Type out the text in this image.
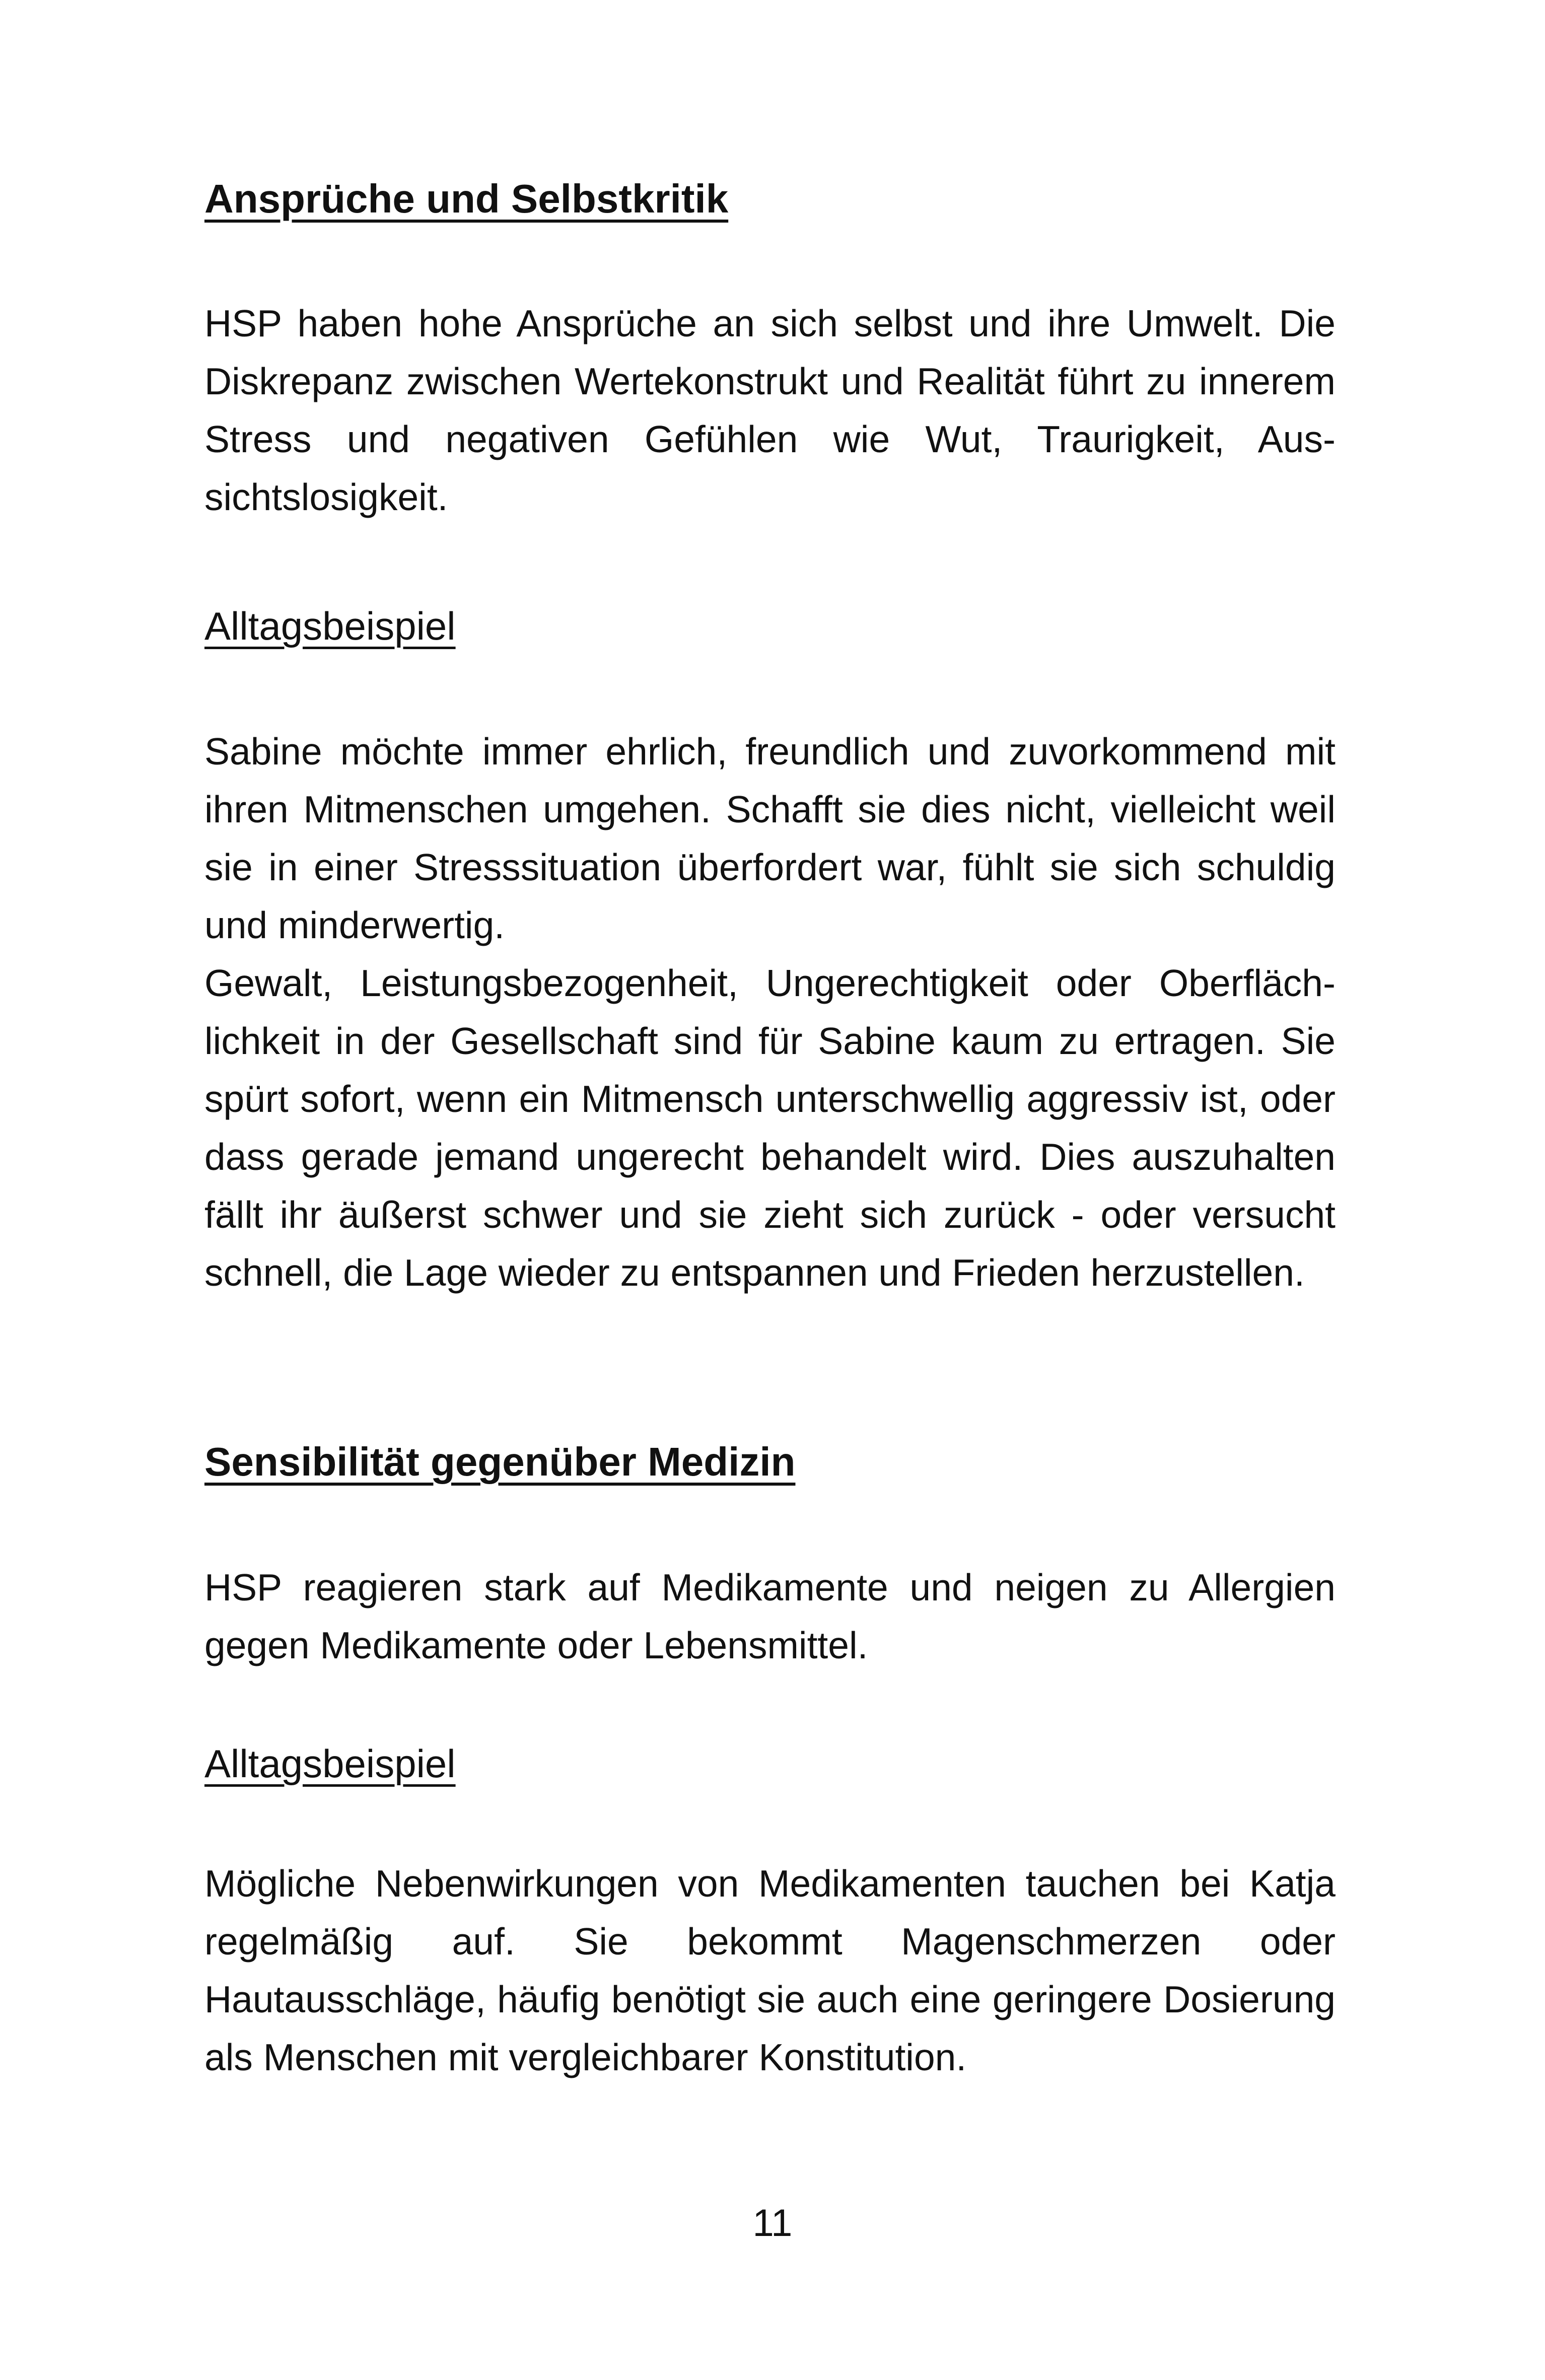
Ansprüche und Selbstkritik

HSP haben hohe Ansprüche an sich selbst und ihre Umwelt. Die Diskrepanz zwischen Wertekonstrukt und Realität führt zu innerem Stress und negativen Gefühlen wie Wut, Traurigkeit, Aussichtslosigkeit.

Alltagsbeispiel

Sabine möchte immer ehrlich, freundlich und zuvorkommend mit ihren Mitmenschen umgehen. Schafft sie dies nicht, vielleicht weil sie in einer Stresssituation überfordert war, fühlt sie sich schuldig und minderwertig.

Gewalt, Leistungsbezogenheit, Ungerechtigkeit oder Oberflächlichkeit in der Gesellschaft sind für Sabine kaum zu ertragen. Sie spürt sofort, wenn ein Mitmensch unterschwellig aggressiv ist, oder dass gerade jemand ungerecht behandelt wird. Dies auszuhalten fällt ihr äußerst schwer und sie zieht sich zurück - oder versucht schnell, die Lage wieder zu entspannen und Frieden herzustellen.

Sensibilität gegenüber Medizin

HSP reagieren stark auf Medikamente und neigen zu Allergien gegen Medikamente oder Lebensmittel.

Alltagsbeispiel

Mögliche Nebenwirkungen von Medikamenten tauchen bei Katja regelmäßig auf. Sie bekommt Magenschmerzen oder Hautausschläge, häufig benötigt sie auch eine geringere Dosierung als Menschen mit vergleichbarer Konstitution.

11
